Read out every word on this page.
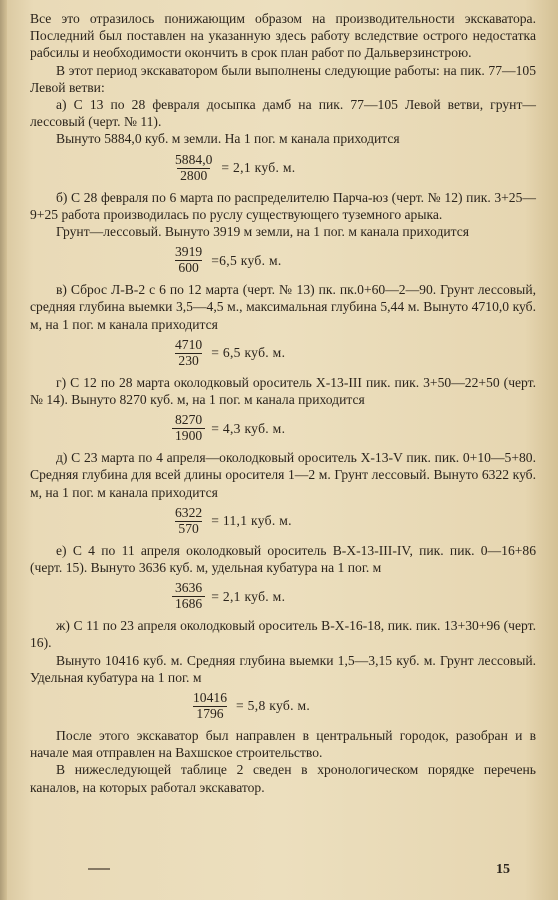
Все это отразилось понижающим образом на производительности экскаватора. Последний был поставлен на указанную здесь работу вследствие острого недостатка рабсилы и необходимости окончить в срок план работ по Дальверзинстрою.

В этот период экскаватором были выполнены следующие работы: на пик. 77—105 Левой ветви:

а) С 13 по 28 февраля досыпка дамб на пик. 77—105 Левой ветви, грунт—лессовый (черт. № 11).

Вынуто 5884,0 куб. м земли. На 1 пог. м канала приходится

$\frac{5884,0}{2800} = 2,1$ куб. м.

б) С 28 февраля по 6 марта по распределителю Парча-юз (черт. № 12) пик. 3+25—9+25 работа производилась по руслу существующего туземного арыка.

Грунт—лессовый. Вынуто 3919 м земли, на 1 пог. м канала приходится

$\frac{3919}{600} =6,5$ куб. м.

в) Сброс Л-В-2 с 6 по 12 марта (черт. № 13) пк. пк.0+60—2—90. Грунт лессовый, средняя глубина выемки 3,5—4,5 м., максимальная глубина 5,44 м. Вынуто 4710,0 куб. м, на 1 пог. м канала приходится

$\frac{4710}{230} = 6,5$ куб. м.

г) С 12 по 28 марта околодковый ороситель Х-13-III пик. пик. 3+50—22+50 (черт. № 14). Вынуто 8270 куб. м, на 1 пог. м канала приходится

$\frac{8270}{1900} = 4,3$ куб. м.

д) С 23 марта по 4 апреля—околодковый ороситель Х-13-V пик. пик. 0+10—5+80. Средняя глубина для всей длины оросителя 1—2 м. Грунт лессовый. Вынуто 6322 куб. м, на 1 пог. м канала приходится

$\frac{6322}{570} = 11,1$ куб. м.

е) С 4 по 11 апреля околодковый ороситель В-Х-13-III-IV, пик. пик. 0—16+86 (черт. 15). Вынуто 3636 куб. м, удельная кубатура на 1 пог. м

$\frac{3636}{1686} = 2,1$ куб. м.

ж) С 11 по 23 апреля околодковый ороситель В-Х-16-18, пик. пик. 13+30+96 (черт. 16).

Вынуто 10416 куб. м. Средняя глубина выемки 1,5—3,15 куб. м. Грунт лессовый. Удельная кубатура на 1 пог. м

$\frac{10416}{1796} = 5,8$ куб. м.

После этого экскаватор был направлен в центральный городок, разобран и в начале мая отправлен на Вахшское строительство.

В нижеследующей таблице 2 сведен в хронологическом порядке перечень каналов, на которых работал экскаватор.

15
